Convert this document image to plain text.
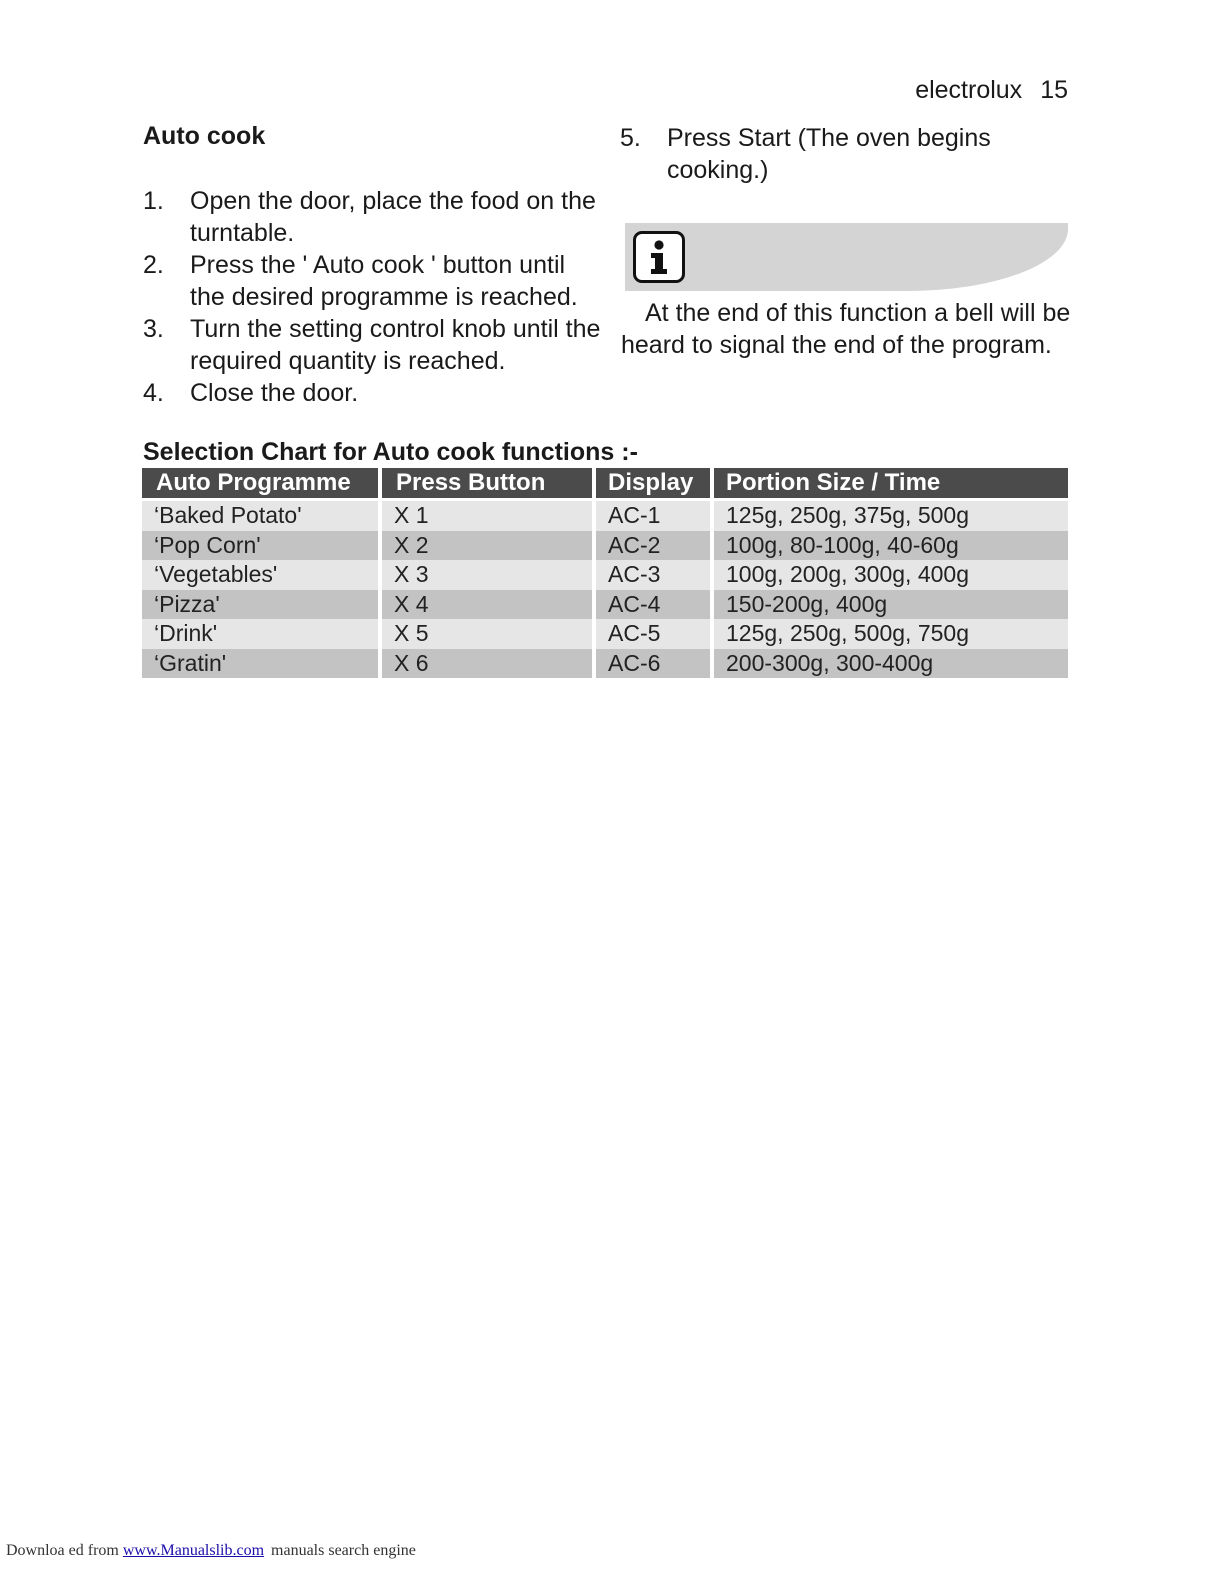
electrolux 15
Auto cook
1.	Open the door, place the food on the turntable.
2.	Press the ' Auto cook ' button until the desired programme is reached.
3.	Turn the setting control knob until the required quantity is reached.
4.	Close the door.
5.	Press Start (The oven begins cooking.)

At the end of this function a bell will be heard to signal the end of the program.

Selection Chart for Auto cook functions :-
Auto Programme	Press Button	Display	Portion Size / Time

‘Baked Potato'	X 1	AC-1	125g, 250g, 375g, 500g
‘Pop Corn'	X 2	AC-2	100g, 80-100g, 40-60g
‘Vegetables'	X 3	AC-3	100g, 200g, 300g, 400g
‘Pizza'	X 4	AC-4	150-200g, 400g
‘Drink'	X 5	AC-5	125g, 250g, 500g, 750g
‘Gratin'	X 6	AC-6	200-300g, 300-400g
Downloa ed from www.Manualslib.com manuals search engine
